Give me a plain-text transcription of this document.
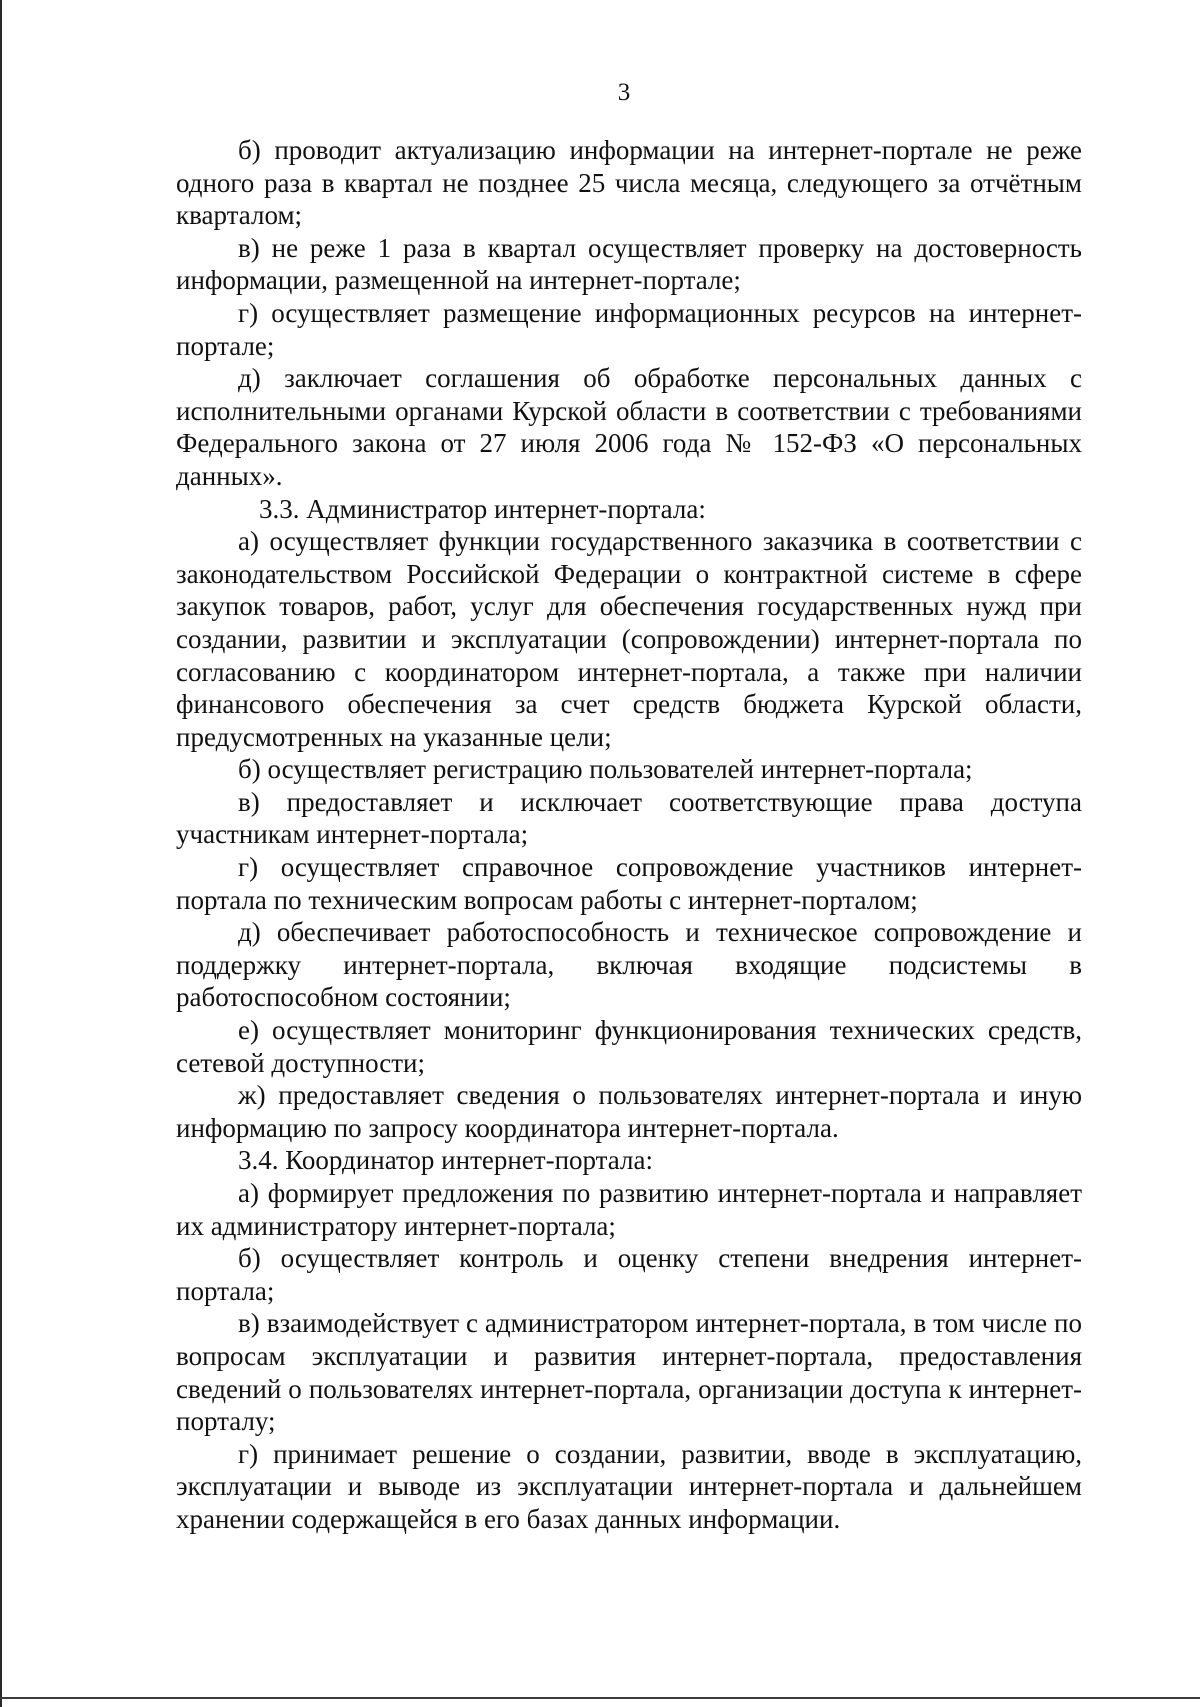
3

б) проводит актуализацию информации на интернет-портале не реже одного раза в квартал не позднее 25 числа месяца, следующего за отчётным кварталом;

в) не реже 1 раза в квартал осуществляет проверку на достоверность информации, размещенной на интернет-портале;

г) осуществляет размещение информационных ресурсов на интернет-портале;

д) заключает соглашения об обработке персональных данных с исполнительными органами Курской области в соответствии с требованиями Федерального закона от 27 июля 2006 года № 152-ФЗ «О персональных данных».

3.3. Администратор интернет-портала:

а) осуществляет функции государственного заказчика в соответствии с законодательством Российской Федерации о контрактной системе в сфере закупок товаров, работ, услуг для обеспечения государственных нужд при создании, развитии и эксплуатации (сопровождении) интернет-портала по согласованию с координатором интернет-портала, а также при наличии финансового обеспечения за счет средств бюджета Курской области, предусмотренных на указанные цели;

б) осуществляет регистрацию пользователей интернет-портала;

в) предоставляет и исключает соответствующие права доступа участникам интернет-портала;

г) осуществляет справочное сопровождение участников интернет-портала по техническим вопросам работы с интернет-порталом;

д) обеспечивает работоспособность и техническое сопровождение и поддержку интернет-портала, включая входящие подсистемы в работоспособном состоянии;

е) осуществляет мониторинг функционирования технических средств, сетевой доступности;

ж) предоставляет сведения о пользователях интернет-портала и иную информацию по запросу координатора интернет-портала.

3.4. Координатор интернет-портала:

а) формирует предложения по развитию интернет-портала и направляет их администратору интернет-портала;

б) осуществляет контроль и оценку степени внедрения интернет-портала;

в) взаимодействует с администратором интернет-портала, в том числе по вопросам эксплуатации и развития интернет-портала, предоставления сведений о пользователях интернет-портала, организации доступа к интернет-порталу;

г) принимает решение о создании, развитии, вводе в эксплуатацию, эксплуатации и выводе из эксплуатации интернет-портала и дальнейшем хранении содержащейся в его базах данных информации.
